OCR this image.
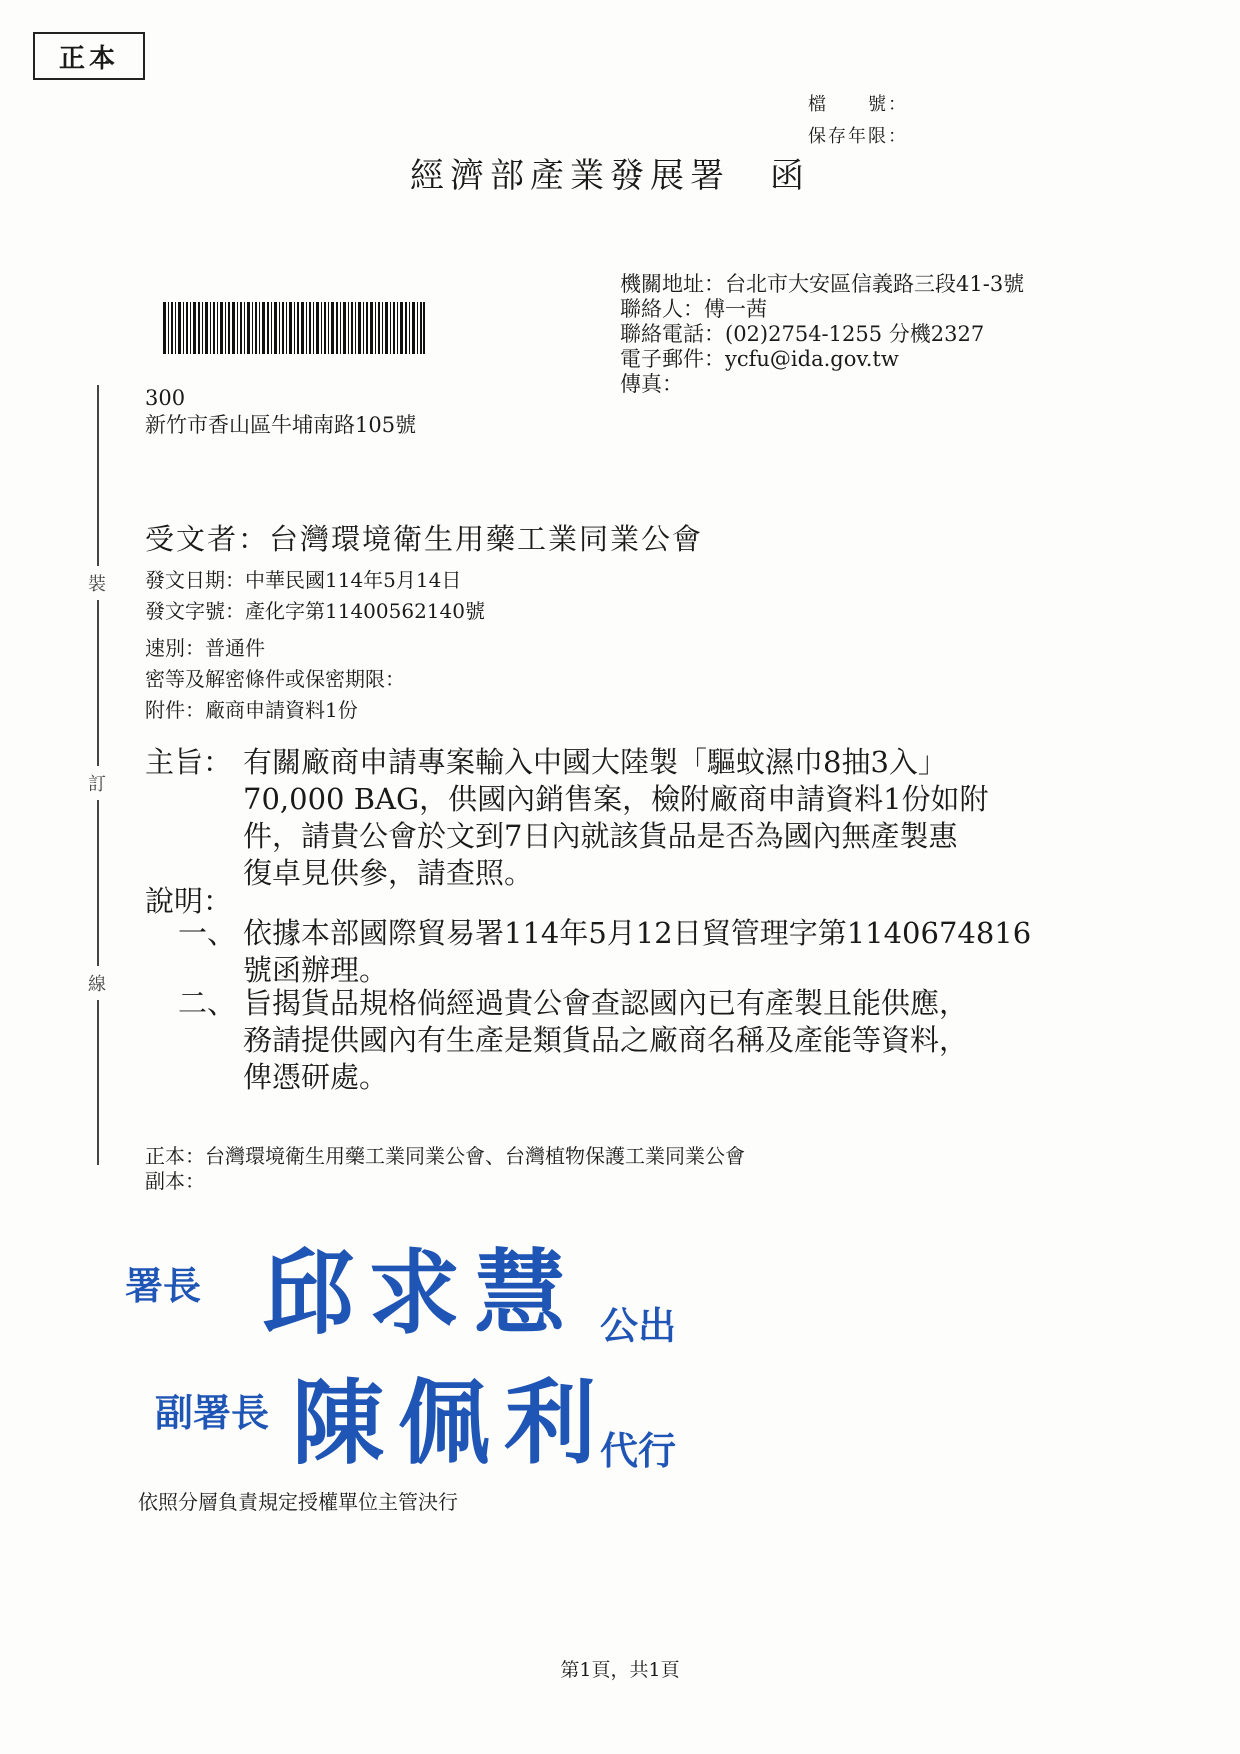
正本
檔　　號：
保存年限：
經濟部產業發展署 函
機關地址：台北市大安區信義路三段41-3號
聯絡人：傅一茜
聯絡電話：(02)2754-1255 分機2327
電子郵件：ycfu@ida.gov.tw
傳真：
300
新竹市香山區牛埔南路105號
裝
訂
線
受文者：台灣環境衛生用藥工業同業公會
發文日期：中華民國114年5月14日
發文字號：產化字第11400562140號
速別：普通件
密等及解密條件或保密期限：
附件：廠商申請資料1份
主旨： 有關廠商申請專案輸入中國大陸製「驅蚊濕巾8抽3入」
70,000 BAG，供國內銷售案，檢附廠商申請資料1份如附
件，請貴公會於文到7日內就該貨品是否為國內無產製惠
復卓見供參，請查照。
說明：
一、 依據本部國際貿易署114年5月12日貿管理字第1140674816
號函辦理。
二、 旨揭貨品規格倘經過貴公會查認國內已有產製且能供應，
務請提供國內有生產是類貨品之廠商名稱及產能等資料，
俾憑研處。
正本：台灣環境衛生用藥工業同業公會、台灣植物保護工業同業公會
副本：
署長 邱求慧 公出
副署長 陳佩利
代行
依照分層負責規定授權單位主管決行
第1頁，共1頁
